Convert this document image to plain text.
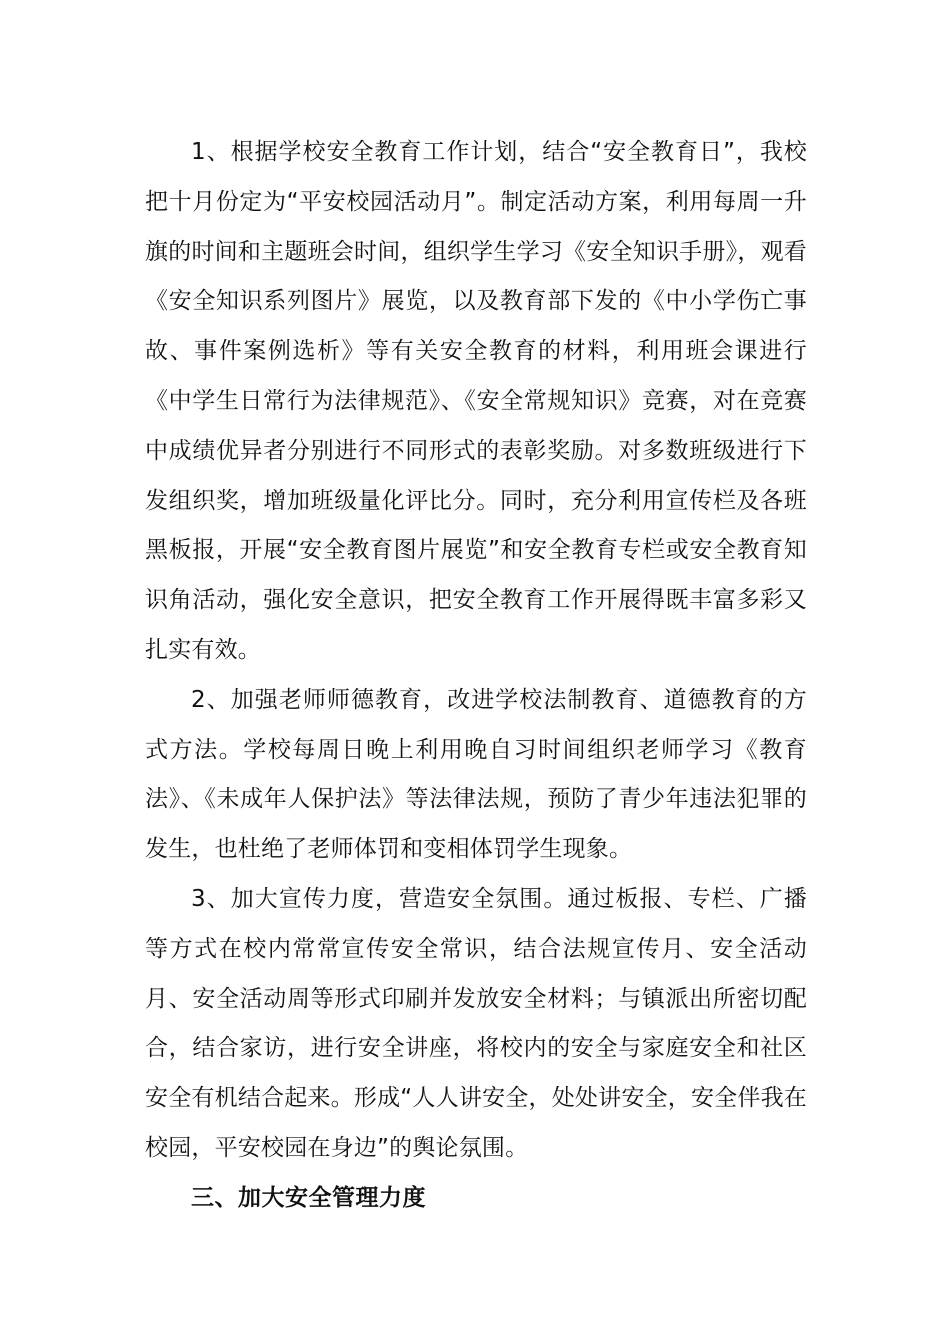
1、根据学校安全教育工作计划，结合“安全教育日”，我校把十月份定为“平安校园活动月”。制定活动方案，利用每周一升旗的时间和主题班会时间，组织学生学习《安全知识手册》，观看《安全知识系列图片》展览，以及教育部下发的《中小学伤亡事故、事件案例选析》等有关安全教育的材料，利用班会课进行《中学生日常行为法律规范》、《安全常规知识》竞赛，对在竞赛中成绩优异者分别进行不同形式的表彰奖励。对多数班级进行下发组织奖，增加班级量化评比分。同时，充分利用宣传栏及各班黑板报，开展“安全教育图片展览”和安全教育专栏或安全教育知识角活动，强化安全意识，把安全教育工作开展得既丰富多彩又扎实有效。

2、加强老师师德教育，改进学校法制教育、道德教育的方式方法。学校每周日晚上利用晚自习时间组织老师学习《教育法》、《未成年人保护法》等法律法规，预防了青少年违法犯罪的发生，也杜绝了老师体罚和变相体罚学生现象。

3、加大宣传力度，营造安全氛围。通过板报、专栏、广播等方式在校内常常宣传安全常识，结合法规宣传月、安全活动月、安全活动周等形式印刷并发放安全材料；与镇派出所密切配合，结合家访，进行安全讲座，将校内的安全与家庭安全和社区安全有机结合起来。形成“人人讲安全，处处讲安全，安全伴我在校园，平安校园在身边”的舆论氛围。

三、加大安全管理力度
